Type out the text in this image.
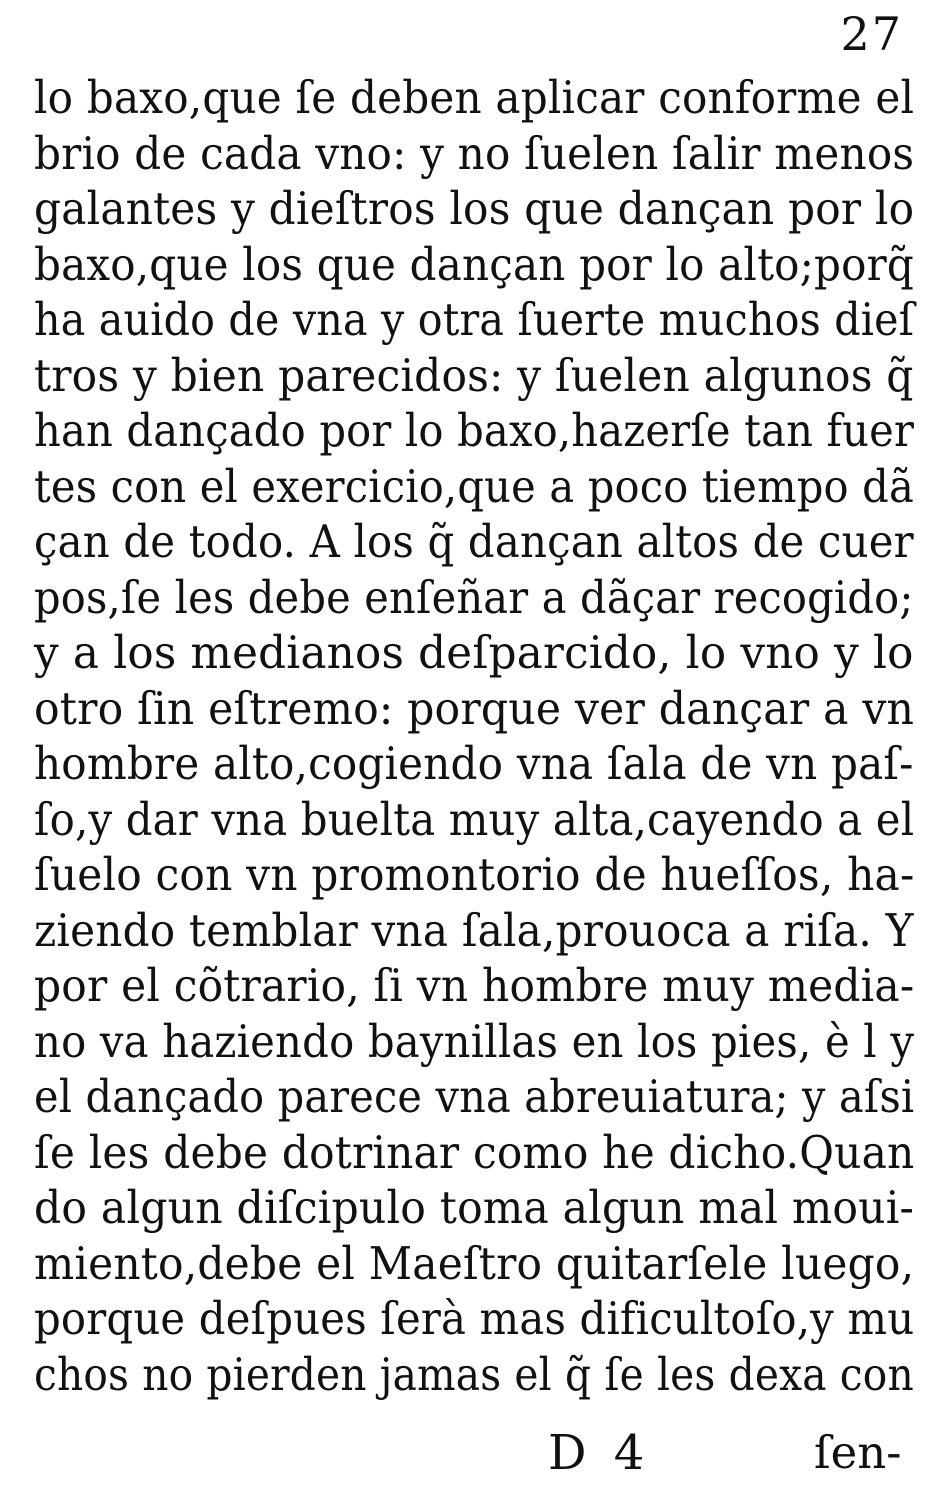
27
lo baxo,que ſe deben aplicar conforme el
brio de cada vno: y no ſuelen ſalir menos
galantes y dieſtros los que dançan por lo
baxo,que los que dançan por lo alto;porq̃
ha auido de vna y otra ſuerte muchos dieſ
tros y bien parecidos: y ſuelen algunos q̃
han dançado por lo baxo,hazerſe tan fuer
tes con el exercicio,que a poco tiempo dã
çan de todo. A los q̃ dançan altos de cuer
pos,ſe les debe enſeñar a dãçar recogido;
y a los medianos deſparcido, lo vno y lo
otro ſin eſtremo: porque ver dançar a vn
hombre alto,cogiendo vna ſala de vn paſ-
ſo,y dar vna buelta muy alta,cayendo a el
ſuelo con vn promontorio de hueſſos, ha-
ziendo temblar vna ſala,prouoca a riſa. Y
por el cõtrario, ſi vn hombre muy media-
no va haziendo baynillas en los pies, è l y
el dançado parece vna abreuiatura; y aſsi
ſe les debe dotrinar como he dicho.Quan
do algun diſcipulo toma algun mal moui-
miento,debe el Maeſtro quitarſele luego,
porque deſpues ſerà mas dificultoſo,y mu
chos no pierden jamas el q̃ ſe les dexa con
D 4	ſen-
